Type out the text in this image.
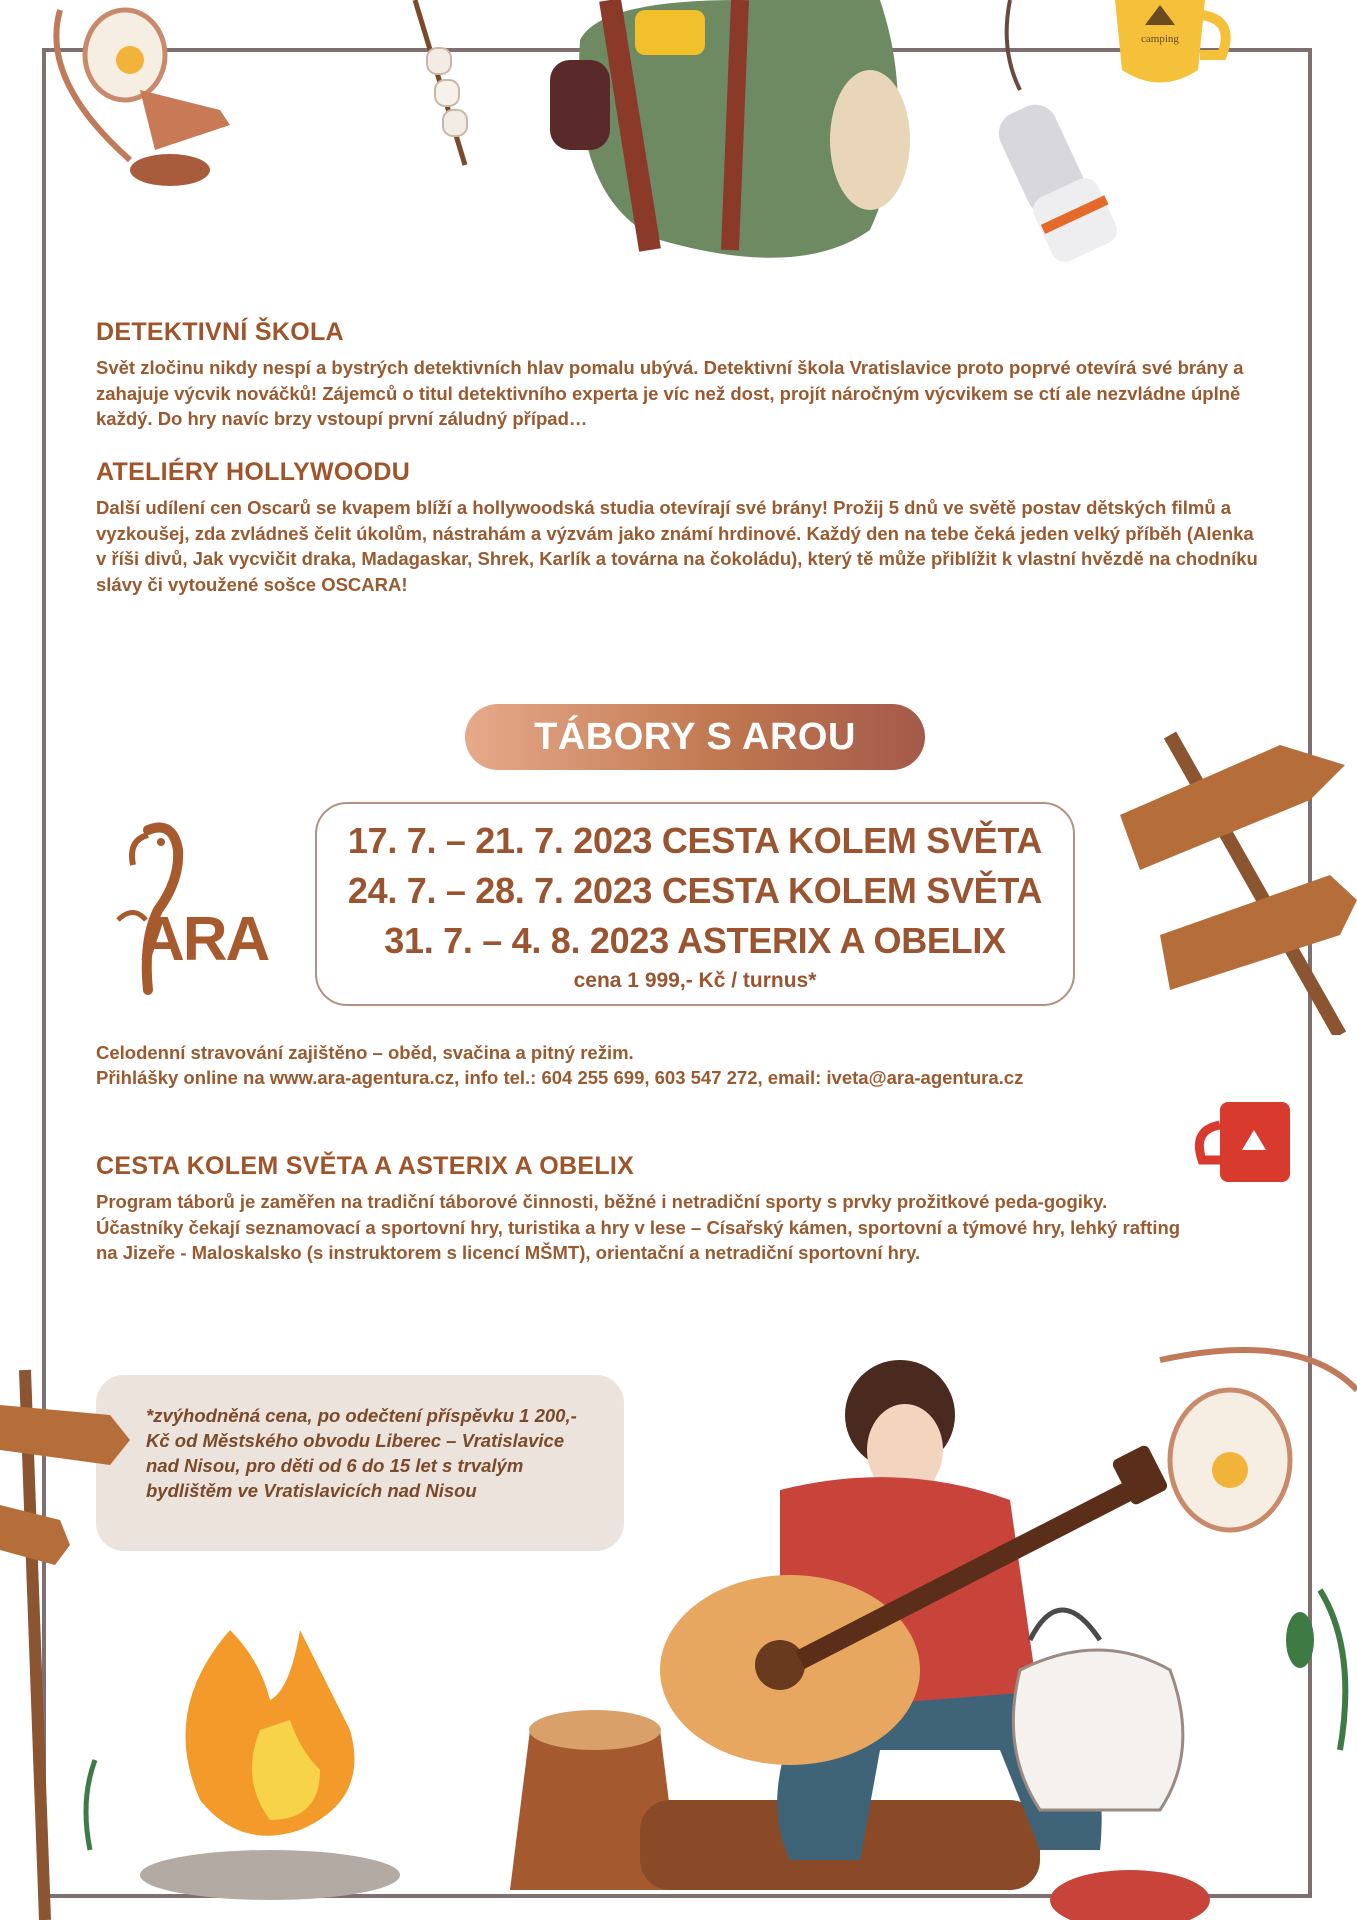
camping
DETEKTIVNÍ ŠKOLA

Svět zločinu nikdy nespí a bystrých detektivních hlav pomalu ubývá. Detektivní škola Vratislavice proto poprvé otevírá své brány a zahajuje výcvik nováčků! Zájemců o titul detektivního experta je víc než dost, projít náročným výcvikem se ctí ale nezvládne úplně každý. Do hry navíc brzy vstoupí první záludný případ…

ATELIÉRY HOLLYWOODU

Další udílení cen Oscarů se kvapem blíží a hollywoodská studia otevírají své brány! Prožij 5 dnů ve světě postav dětských filmů a vyzkoušej, zda zvládneš čelit úkolům, nástrahám a výzvám jako známí hrdinové. Každý den na tebe čeká jeden velký příběh (Alenka v říši divů, Jak vycvičit draka, Madagaskar, Shrek, Karlík a továrna na čokoládu), který tě může přiblížit k vlastní hvězdě na chodníku slávy či vytoužené sošce OSCARA!

TÁBORY S AROU
ARA
17. 7. – 21. 7. 2023 CESTA KOLEM SVĚTA
24. 7. – 28. 7. 2023 CESTA KOLEM SVĚTA
31. 7. – 4. 8. 2023 ASTERIX A OBELIX
cena 1 999,- Kč / turnus*
Celodenní stravování zajištěno – oběd, svačina a pitný režim.
Přihlášky online na www.ara-agentura.cz, info tel.: 604 255 699, 603 547 272, email: iveta@ara-agentura.cz
CESTA KOLEM SVĚTA A ASTERIX A OBELIX

Program táborů je zaměřen na tradiční táborové činnosti, běžné i netradiční sporty s prvky prožitkové peda-gogiky. Účastníky čekají seznamovací a sportovní hry, turistika a hry v lese – Císařský kámen, sportovní a týmové hry, lehký rafting na Jizeře - Maloskalsko (s instruktorem s licencí MŠMT), orientační a netradiční sportovní hry.

*zvýhodněná cena, po odečtení příspěvku 1 200,- Kč od Městského obvodu Liberec – Vratislavice nad Nisou, pro děti od 6 do 15 let s trvalým bydlištěm ve Vratislavicích nad Nisou
